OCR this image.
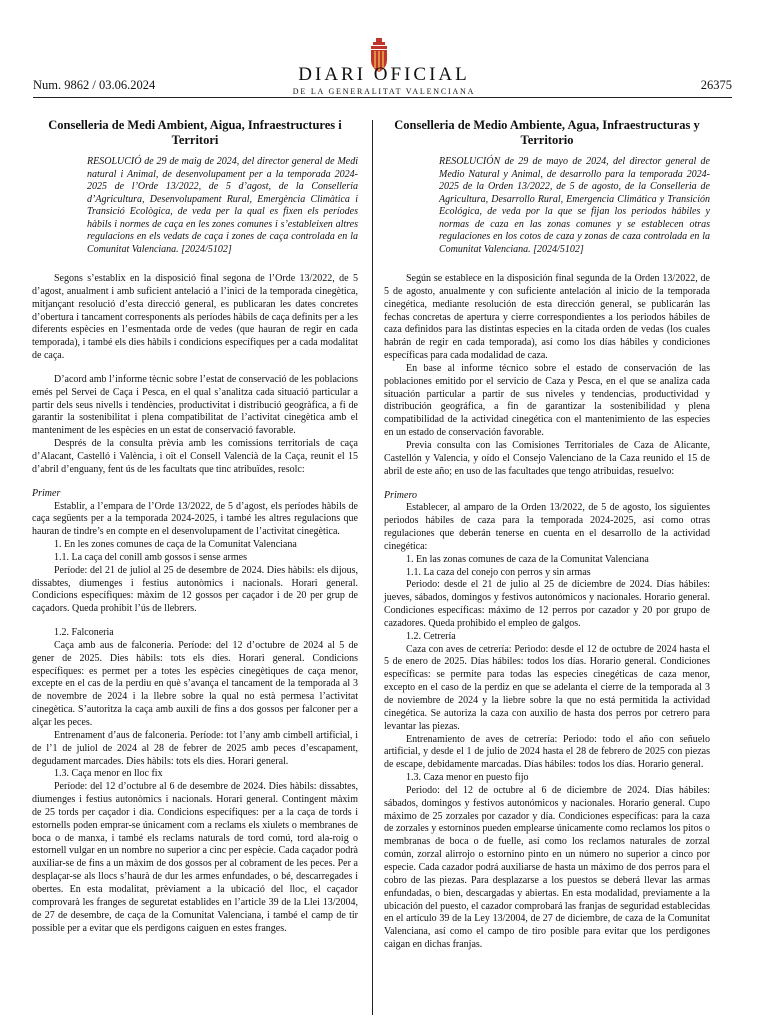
Num. 9862 / 03.06.2024	DIARI OFICIAL
DE LA GENERALITAT VALENCIANA	26375
Conselleria de Medi Ambient, Aigua, Infraestructures i Territori
RESOLUCIÓ de 29 de maig de 2024, del director general de Medi natural i Animal, de desenvolupament per a la temporada 2024-2025 de l’Orde 13/2022, de 5 d’agost, de la Conselleria d’Agricultura, Desenvolupament Rural, Emergència Climàtica i Transició Ecològica, de veda per la qual es fixen els períodes hàbils i normes de caça en les zones comunes i s’estableixen altres regulacions en els vedats de caça i zones de caça controlada en la Comunitat Valenciana. [2024/5102]

Segons s’establix en la disposició final segona de l’Orde 13/2022, de 5 d’agost, anualment i amb suficient antelació a l’inici de la temporada cinegètica, mitjançant resolució d’esta direcció general, es publicaran les dates concretes d’obertura i tancament corresponents als períodes hàbils de caça definits per a les diferents espècies en l’esmentada orde de vedes (que hauran de regir en cada temporada), i també els dies hàbils i condicions específiques per a cada modalitat de caça.

D’acord amb l’informe tècnic sobre l’estat de conservació de les poblacions emés pel Servei de Caça i Pesca, en el qual s’analitza cada situació particular a partir dels seus nivells i tendències, productivitat i distribució geogràfica, a fi de garantir la sostenibilitat i plena compatibilitat de l’activitat cinegètica amb el manteniment de les espècies en un estat de conservació favorable.

Després de la consulta prèvia amb les comissions territorials de caça d’Alacant, Castelló i València, i oït el Consell Valencià de la Caça, reunit el 15 d’abril d’enguany, fent ús de les facultats que tinc atribuïdes, resolc:

Primer

Establir, a l’empara de l’Orde 13/2022, de 5 d’agost, els períodes hàbils de caça següents per a la temporada 2024-2025, i també les altres regulacions que hauran de tindre’s en compte en el desenvolupament de l’activitat cinegètica.

1. En les zones comunes de caça de la Comunitat Valenciana

1.1. La caça del conill amb gossos i sense armes

Període: del 21 de juliol al 25 de desembre de 2024. Dies hàbils: els dijous, dissabtes, diumenges i festius autonòmics i nacionals. Horari general. Condicions específiques: màxim de 12 gossos per caçador i de 20 per grup de caçadors. Queda prohibit l’ús de llebrers.

1.2. Falconeria

Caça amb aus de falconeria. Període: del 12 d’octubre de 2024 al 5 de gener de 2025. Dies hàbils: tots els dies. Horari general. Condicions específiques: es permet per a totes les espècies cinegètiques de caça menor, excepte en el cas de la perdiu en què s’avança el tancament de la temporada al 3 de novembre de 2024 i la llebre sobre la qual no està permesa l’activitat cinegètica. S’autoritza la caça amb auxili de fins a dos gossos per falconer per a alçar les peces.

Entrenament d’aus de falconeria. Període: tot l’any amb cimbell artificial, i de l’1 de juliol de 2024 al 28 de febrer de 2025 amb peces d’escapament, degudament marcades. Dies hàbils: tots els dies. Horari general.

1.3. Caça menor en lloc fix

Període: del 12 d’octubre al 6 de desembre de 2024. Dies hàbils: dissabtes, diumenges i festius autonòmics i nacionals. Horari general. Contingent màxim de 25 tords per caçador i dia. Condicions específiques: per a la caça de tords i estornells poden emprar-se únicament com a reclams els xiulets o membranes de boca o de manxa, i també els reclams naturals de tord comú, tord ala-roig o estornell vulgar en un nombre no superior a cinc per espècie. Cada caçador podrà auxiliar-se de fins a un màxim de dos gossos per al cobrament de les peces. Per a desplaçar-se als llocs s’haurà de dur les armes enfundades, o bé, descarregades i obertes. En esta modalitat, prèviament a la ubicació del lloc, el caçador comprovarà les franges de seguretat establides en l’article 39 de la Llei 13/2004, de 27 de desembre, de caça de la Comunitat Valenciana, i també el camp de tir possible per a evitar que els perdigons caiguen en estes franges.

Conselleria de Medio Ambiente, Agua, Infraestructuras y Territorio
RESOLUCIÓN de 29 de mayo de 2024, del director general de Medio Natural y Animal, de desarrollo para la temporada 2024-2025 de la Orden 13/2022, de 5 de agosto, de la Conselleria de Agricultura, Desarrollo Rural, Emergencia Climática y Transición Ecológica, de veda por la que se fijan los periodos hábiles y normas de caza en las zonas comunes y se establecen otras regulaciones en los cotos de caza y zonas de caza controlada en la Comunitat Valenciana. [2024/5102]

Según se establece en la disposición final segunda de la Orden 13/2022, de 5 de agosto, anualmente y con suficiente antelación al inicio de la temporada cinegética, mediante resolución de esta dirección general, se publicarán las fechas concretas de apertura y cierre correspondientes a los periodos hábiles de caza definidos para las distintas especies en la citada orden de vedas (los cuales habrán de regir en cada temporada), así como los días hábiles y condiciones específicas para cada modalidad de caza.

En base al informe técnico sobre el estado de conservación de las poblaciones emitido por el servicio de Caza y Pesca, en el que se analiza cada situación particular a partir de sus niveles y tendencias, productividad y distribución geográfica, a fin de garantizar la sostenibilidad y plena compatibilidad de la actividad cinegética con el mantenimiento de las especies en un estado de conservación favorable.

Previa consulta con las Comisiones Territoriales de Caza de Alicante, Castellón y Valencia, y oído el Consejo Valenciano de la Caza reunido el 15 de abril de este año; en uso de las facultades que tengo atribuidas, resuelvo:

Primero

Establecer, al amparo de la Orden 13/2022, de 5 de agosto, los siguientes periodos hábiles de caza para la temporada 2024-2025, así como otras regulaciones que deberán tenerse en cuenta en el desarrollo de la actividad cinegética:

1. En las zonas comunes de caza de la Comunitat Valenciana

1.1. La caza del conejo con perros y sin armas

Periodo: desde el 21 de julio al 25 de diciembre de 2024. Días hábiles: jueves, sábados, domingos y festivos autonómicos y nacionales. Horario general. Condiciones específicas: máximo de 12 perros por cazador y 20 por grupo de cazadores. Queda prohibido el empleo de galgos.

1.2. Cetrería

Caza con aves de cetrería: Periodo: desde el 12 de octubre de 2024 hasta el 5 de enero de 2025. Días hábiles: todos los días. Horario general. Condiciones específicas: se permite para todas las especies cinegéticas de caza menor, excepto en el caso de la perdiz en que se adelanta el cierre de la temporada al 3 de noviembre de 2024 y la liebre sobre la que no está permitida la actividad cinegética. Se autoriza la caza con auxilio de hasta dos perros por cetrero para levantar las piezas.

Entrenamiento de aves de cetrería: Periodo: todo el año con señuelo artificial, y desde el 1 de julio de 2024 hasta el 28 de febrero de 2025 con piezas de escape, debidamente marcadas. Días hábiles: todos los días. Horario general.

1.3. Caza menor en puesto fijo

Periodo: del 12 de octubre al 6 de diciembre de 2024. Días hábiles: sábados, domingos y festivos autonómicos y nacionales. Horario general. Cupo máximo de 25 zorzales por cazador y día. Condiciones específicas: para la caza de zorzales y estorninos pueden emplearse únicamente como reclamos los pitos o membranas de boca o de fuelle, así como los reclamos naturales de zorzal común, zorzal alirrojo o estornino pinto en un número no superior a cinco por especie. Cada cazador podrá auxiliarse de hasta un máximo de dos perros para el cobro de las piezas. Para desplazarse a los puestos se deberá llevar las armas enfundadas, o bien, descargadas y abiertas. En esta modalidad, previamente a la ubicación del puesto, el cazador comprobará las franjas de seguridad establecidas en el artículo 39 de la Ley 13/2004, de 27 de diciembre, de caza de la Comunitat Valenciana, así como el campo de tiro posible para evitar que los perdigones caigan en dichas franjas.
